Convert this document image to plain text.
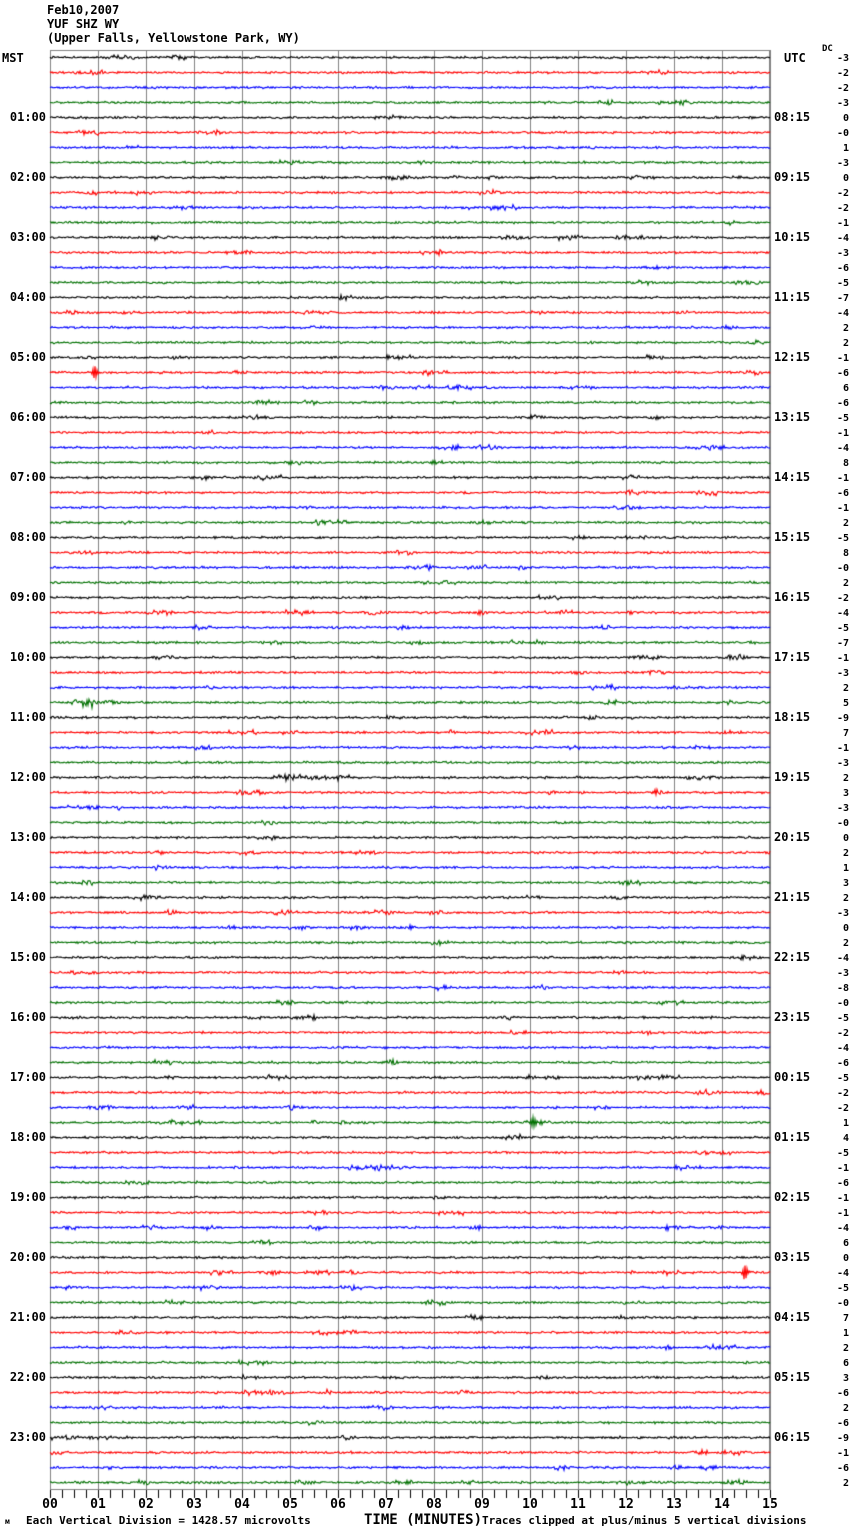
Feb10,2007
YUF SHZ WY
(Upper Falls, Yellowstone Park, WY)
MST	UTC
DC
01:00	08:15
02:00	09:15
03:00	10:15
04:00	11:15
05:00	12:15
06:00	13:15
07:00	14:15
08:00	15:15
09:00	16:15
10:00	17:15
11:00	18:15
12:00	19:15
13:00	20:15
14:00	21:15
15:00	22:15
16:00	23:15
17:00	00:15
18:00	01:15
19:00	02:15
20:00	03:15
21:00	04:15
22:00	05:15
23:00	06:15
-3
-2
-2
-3
0
-0
1
-3
0
-2
-2
-1
-4
-3
-6
-5
-7
-4
2
2
-1
-6
6
-6
-5
-1
-4
8
-1
-6
-1
2
-5
8
-0
2
-2
-4
-5
-7
-1
-3
2
5
-9
7
-1
-3
2
3
-3
-0
0
2
1
3
2
-3
0
2
-4
-3
-8
-0
-5
-2
-4
-6
-5
-2
-2
1
4
-5
-1
-6
-1
-1
-4
6
0
-4
-5
-0
7
1
2
6
3
-6
2
-6
-9
-1
-6
2
00	01	02	03	04	05	06	07	08	09	10	11	12	13	14	15
м Each Vertical Division = 1428.57 microvolts	TIME (MINUTES) Traces clipped at plus/minus 5 vertical divisions
